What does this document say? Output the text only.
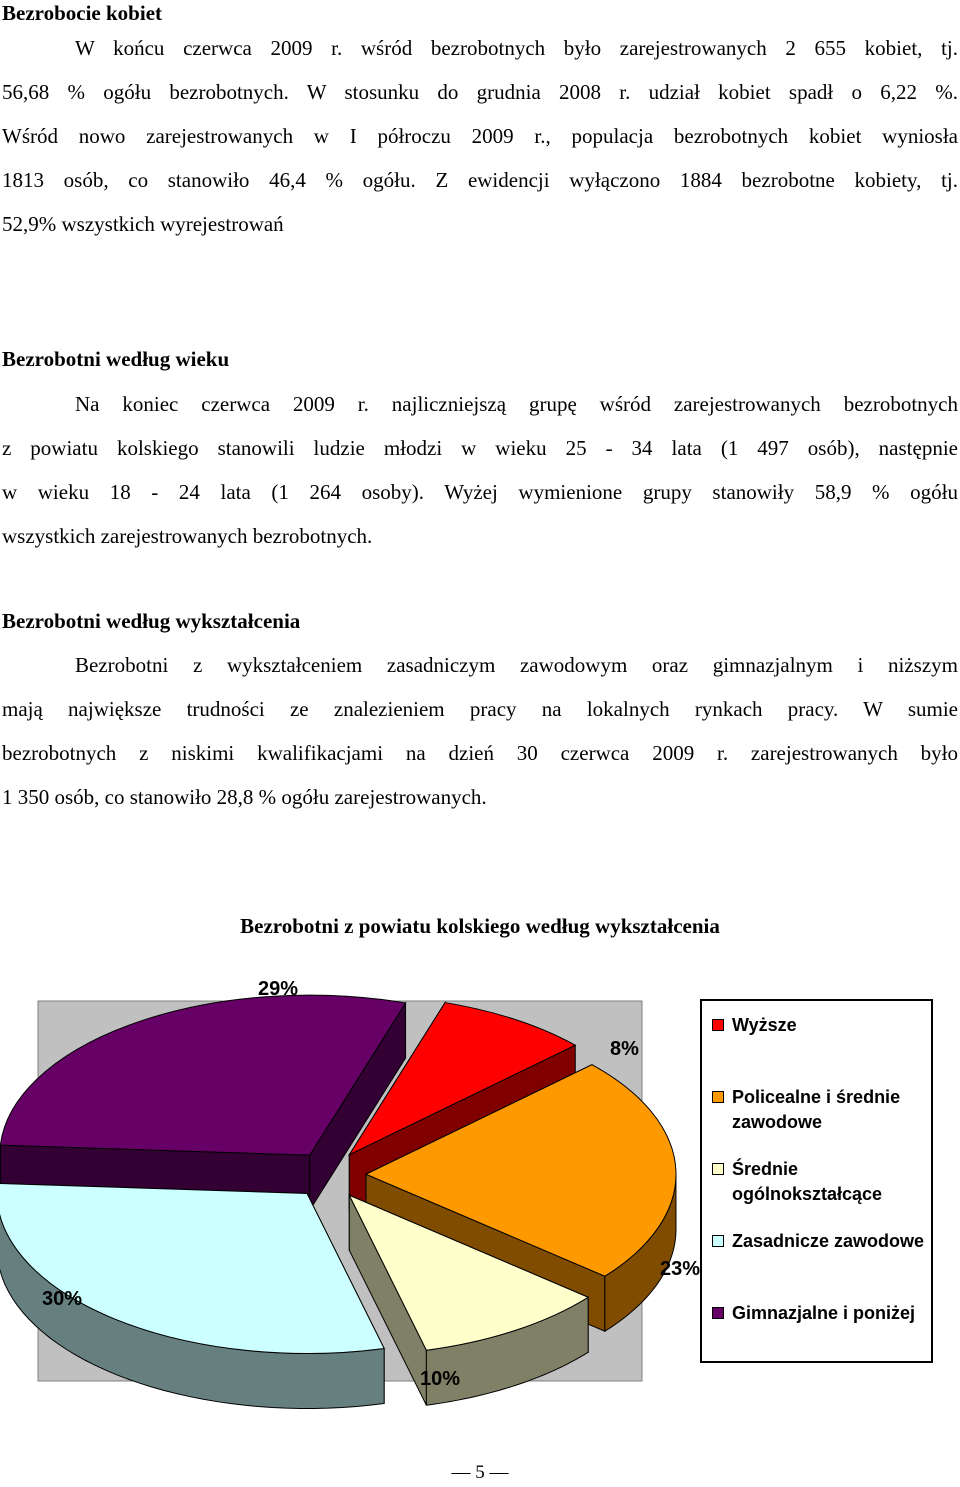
Bezrobocie kobiet
W końcu czerwca 2009 r. wśród bezrobotnych było zarejestrowanych 2 655 kobiet, tj.
56,68 % ogółu bezrobotnych. W stosunku do grudnia 2008 r. udział kobiet spadł o 6,22 %.
Wśród nowo zarejestrowanych w I półroczu 2009 r., populacja bezrobotnych kobiet wyniosła
1813 osób, co stanowiło 46,4 % ogółu. Z ewidencji wyłączono 1884 bezrobotne kobiety, tj.
52,9% wszystkich wyrejestrowań
Bezrobotni według wieku
Na koniec czerwca 2009 r. najliczniejszą grupę wśród zarejestrowanych bezrobotnych
z powiatu kolskiego stanowili ludzie młodzi w wieku 25 - 34 lata (1 497 osób), następnie
w wieku 18 - 24 lata (1 264 osoby). Wyżej wymienione grupy stanowiły 58,9 % ogółu
wszystkich zarejestrowanych bezrobotnych.
Bezrobotni według wykształcenia
Bezrobotni z wykształceniem zasadniczym zawodowym oraz gimnazjalnym i niższym
mają największe trudności ze znalezieniem pracy na lokalnych rynkach pracy. W sumie
bezrobotnych z niskimi kwalifikacjami na dzień 30 czerwca 2009 r. zarejestrowanych było
1 350 osób, co stanowiło 28,8 % ogółu zarejestrowanych.
Bezrobotni z powiatu kolskiego według wykształcenia
8%
23%
10%
30%
29%
Wyższe
Policealne i średnie zawodowe
Średnie ogólnokształcące
Zasadnicze zawodowe
Gimnazjalne i poniżej
— 5 —
